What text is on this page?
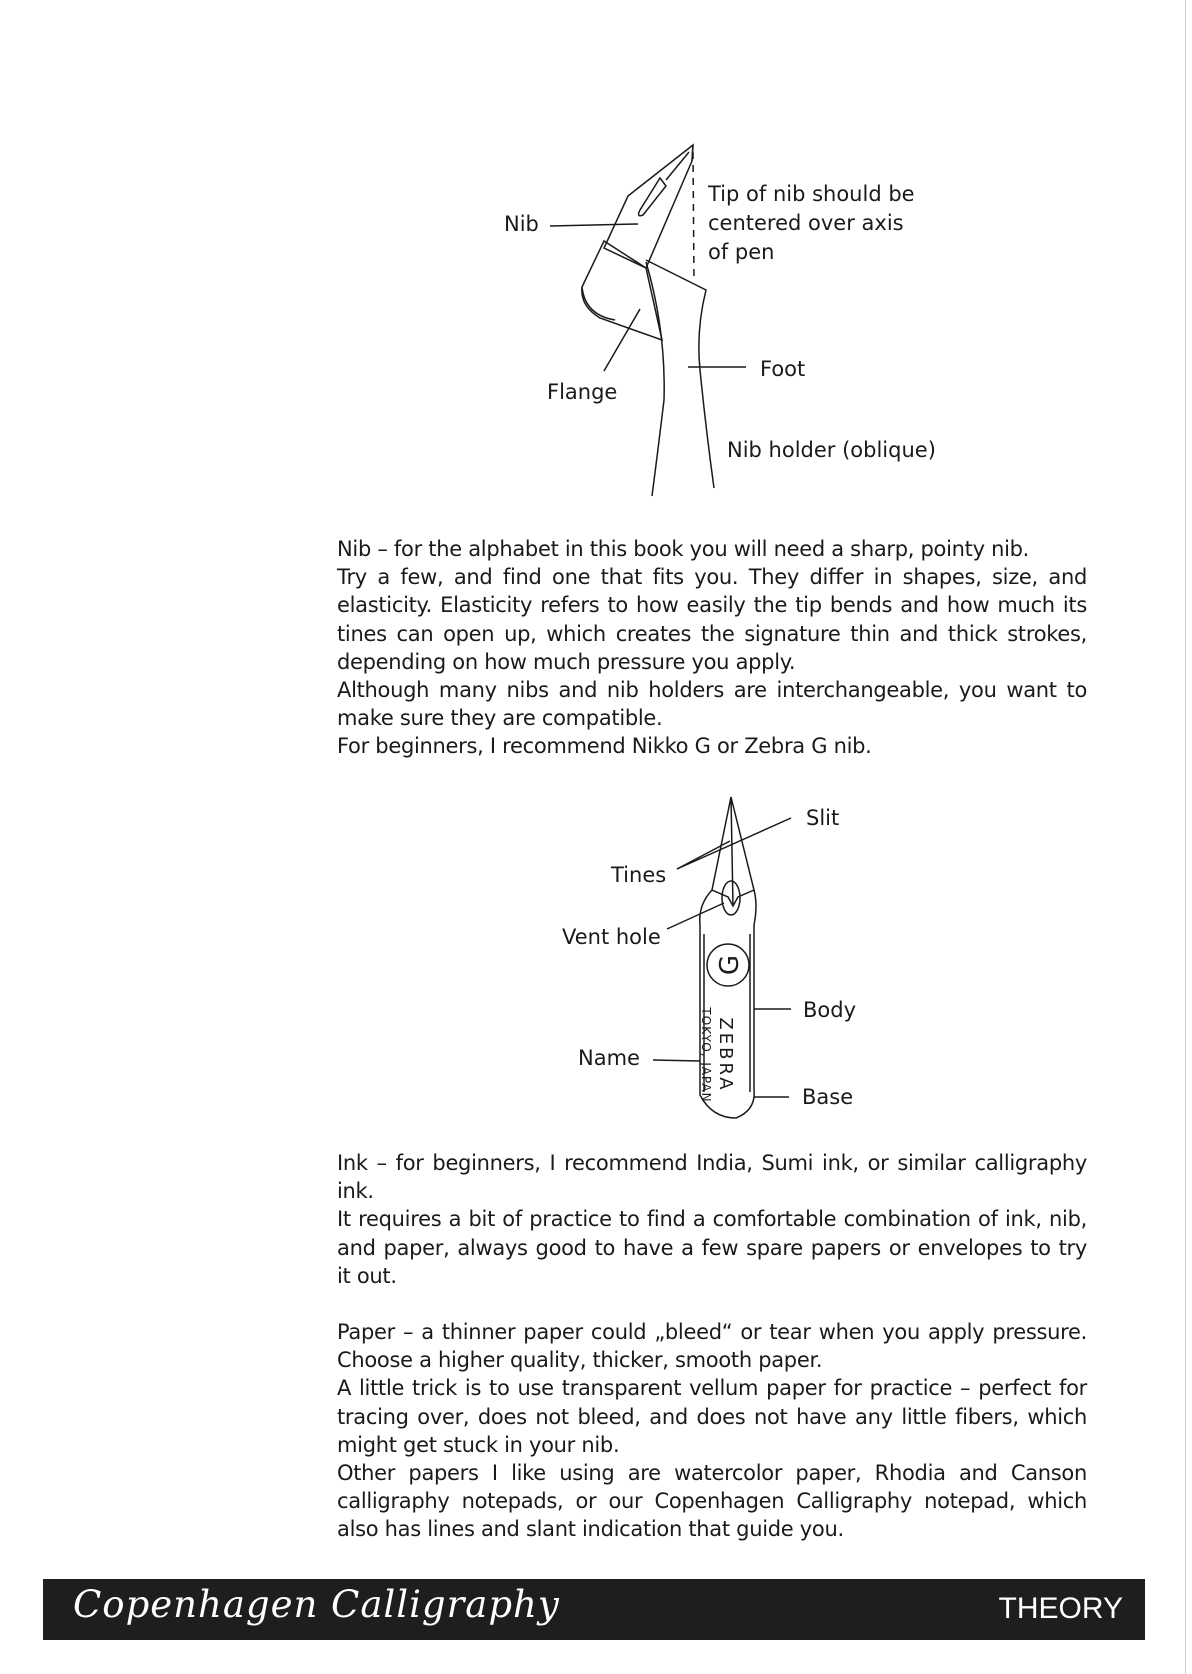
Nib
Tip of nib should be
centered over axis
of pen
Foot
Flange
Nib holder (oblique)

Nib – for the alphabet in this book you will need a sharp, pointy nib.

Try a few, and find one that fits you. They differ in shapes, size, and elasticity. Elasticity refers to how easily the tip bends and how much its tines can open up, which creates the signature thin and thick strokes, depending on how much pressure you apply.

Although many nibs and nib holders are interchangeable, you want to make sure they are compatible.

For beginners, I recommend Nikko G or Zebra G nib.

G
ZEBRA
TOKYO, JAPAN
Slit
Tines
Vent hole
Body
Name
Base

Ink – for beginners, I recommend India, Sumi ink, or similar calligraphy ink.

It requires a bit of practice to find a comfortable combination of ink, nib, and paper, always good to have a few spare papers or envelopes to try it out.

Paper – a thinner paper could „bleed“ or tear when you apply pressure. Choose a higher quality, thicker, smooth paper.

A little trick is to use transparent vellum paper for practice – perfect for tracing over, does not bleed, and does not have any little fibers, which might get stuck in your nib.

Other papers I like using are watercolor paper, Rhodia and Canson calligraphy notepads, or our Copenhagen Calligraphy notepad, which also has lines and slant indication that guide you.

Copenhagen Calligraphy	THEORY
